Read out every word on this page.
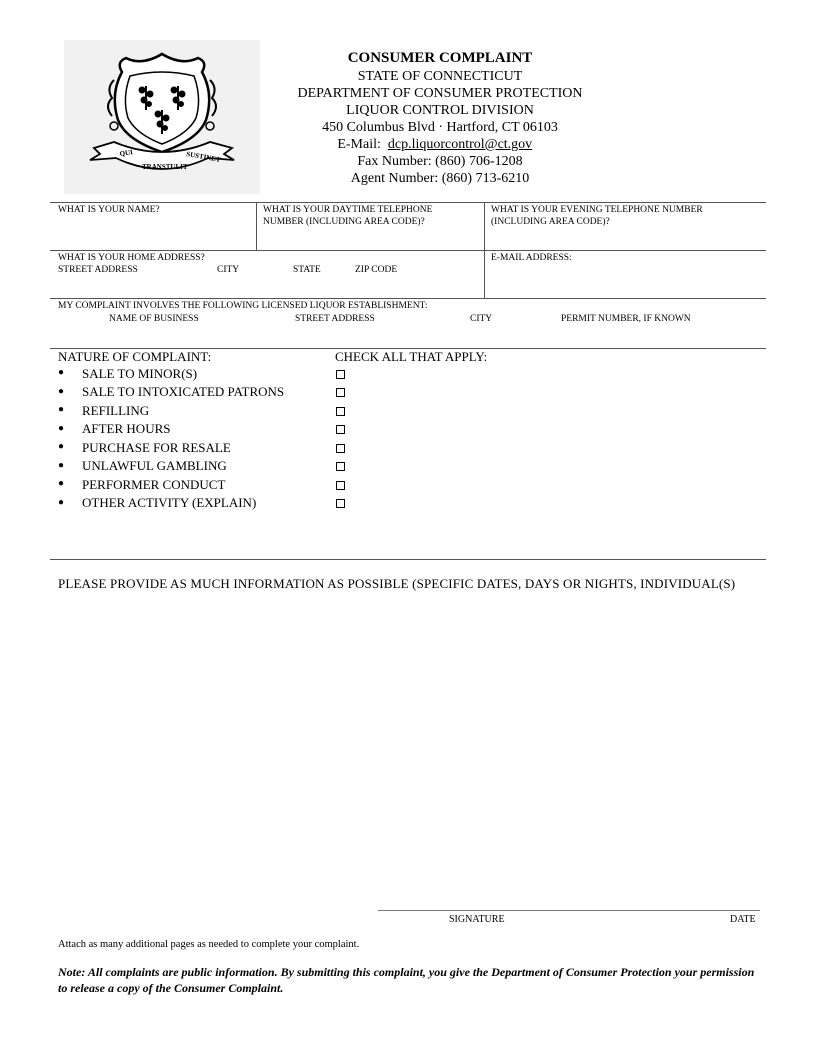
QUI
TRANSTULIT
SUSTINET
CONSUMER COMPLAINT
STATE OF CONNECTICUT
DEPARTMENT OF CONSUMER PROTECTION
LIQUOR CONTROL DIVISION
450 Columbus Blvd · Hartford, CT 06103
E-Mail: dcp.liquorcontrol@ct.gov
Fax Number: (860) 706-1208
Agent Number: (860) 713-6210
WHAT IS YOUR NAME?	WHAT IS YOUR DAYTIME TELEPHONE
NUMBER (INCLUDING AREA CODE)?
WHAT IS YOUR EVENING TELEPHONE NUMBER
(INCLUDING AREA CODE)?
WHAT IS YOUR HOME ADDRESS?
STREET ADDRESS	CITY	STATE	ZIP CODE
E-MAIL ADDRESS:
MY COMPLAINT INVOLVES THE FOLLOWING LICENSED LIQUOR ESTABLISHMENT:
NAME OF BUSINESS	STREET ADDRESS	CITY	PERMIT NUMBER, IF KNOWN
NATURE OF COMPLAINT:	CHECK ALL THAT APPLY:
● SALE TO MINOR(S)
● SALE TO INTOXICATED PATRONS
● REFILLING
● AFTER HOURS
● PURCHASE FOR RESALE
● UNLAWFUL GAMBLING
● PERFORMER CONDUCT
● OTHER ACTIVITY (EXPLAIN)
PLEASE PROVIDE AS MUCH INFORMATION AS POSSIBLE (SPECIFIC DATES, DAYS OR NIGHTS, INDIVIDUAL(S)
SIGNATURE	DATE
Attach as many additional pages as needed to complete your complaint.
Note: All complaints are public information. By submitting this complaint, you give the Department of Consumer Protection your permission to release a copy of the Consumer Complaint.
